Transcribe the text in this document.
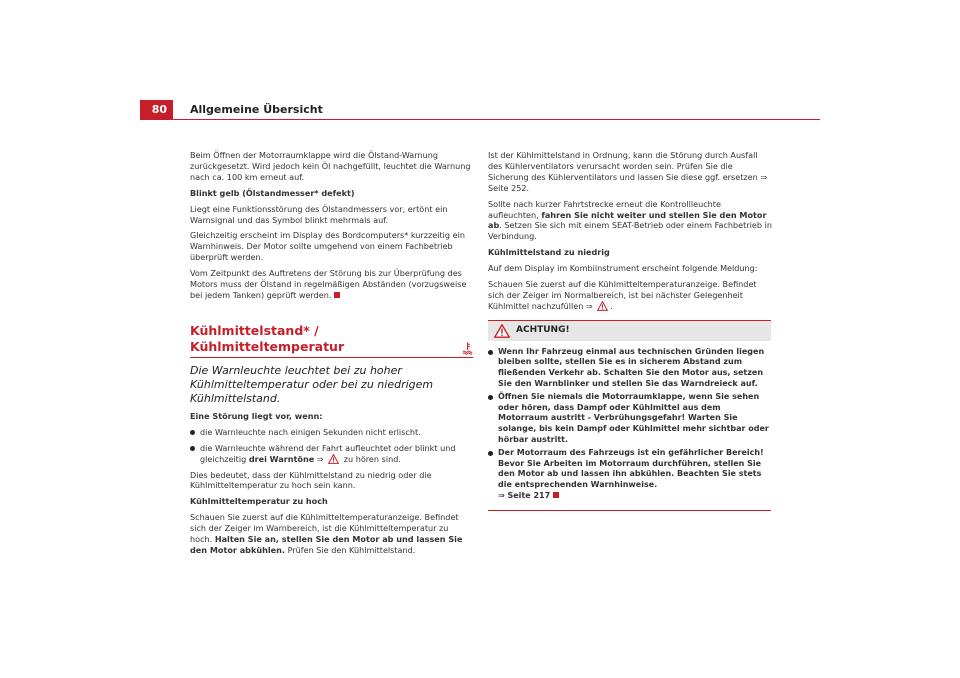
80	Allgemeine Übersicht

Beim Öffnen der Motorraumklappe wird die Ölstand-Warnung zurückgesetzt. Wird jedoch kein Öl nachgefüllt, leuchtet die Warnung nach ca. 100 km erneut auf.

Blinkt gelb (Ölstandmesser* defekt)

Liegt eine Funktionsstörung des Ölstandmessers vor, ertönt ein Warnsignal und das Symbol blinkt mehrmals auf.

Gleichzeitig erscheint im Display des Bordcomputers* kurzzeitig ein Warnhinweis. Der Motor sollte umgehend von einem Fachbetrieb überprüft werden.

Vom Zeitpunkt des Auftretens der Störung bis zur Überprüfung des Motors muss der Ölstand in regelmäßigen Abständen (vorzugsweise bei jedem Tanken) geprüft werden.

Kühlmittelstand* / Kühlmitteltemperatur

Die Warnleuchte leuchtet bei zu hoher Kühlmitteltemperatur oder bei zu niedrigem Kühlmittelstand.

Eine Störung liegt vor, wenn:

die Warnleuchte nach einigen Sekunden nicht erlischt.

die Warnleuchte während der Fahrt aufleuchtet oder blinkt und gleichzeitig drei Warntöne ⇒ zu hören sind.

Dies bedeutet, dass der Kühlmittelstand zu niedrig oder die Kühlmitteltemperatur zu hoch sein kann.

Kühlmitteltemperatur zu hoch

Schauen Sie zuerst auf die Kühlmitteltemperaturanzeige. Befindet sich der Zeiger im Warnbereich, ist die Kühlmitteltemperatur zu hoch. Halten Sie an, stellen Sie den Motor ab und lassen Sie den Motor abkühlen. Prüfen Sie den Kühlmittelstand.

Ist der Kühlmittelstand in Ordnung, kann die Störung durch Ausfall des Kühlerventilators verursacht worden sein. Prüfen Sie die Sicherung des Kühlerventilators und lassen Sie diese ggf. ersetzen ⇒ Seite 252.

Sollte nach kurzer Fahrtstrecke erneut die Kontrollleuchte aufleuchten, fahren Sie nicht weiter und stellen Sie den Motor ab. Setzen Sie sich mit einem SEAT-Betrieb oder einem Fachbetrieb in Verbindung.

Kühlmittelstand zu niedrig

Auf dem Display im Kombiinstrument erscheint folgende Meldung:

Schauen Sie zuerst auf die Kühlmitteltemperaturanzeige. Befindet sich der Zeiger im Normalbereich, ist bei nächster Gelegenheit Kühlmittel nachzufüllen ⇒ .

ACHTUNG!

Wenn Ihr Fahrzeug einmal aus technischen Gründen liegen bleiben sollte, stellen Sie es in sicherem Abstand zum fließenden Verkehr ab. Schalten Sie den Motor aus, setzen Sie den Warnblinker und stellen Sie das Warndreieck auf.

Öffnen Sie niemals die Motorraumklappe, wenn Sie sehen oder hören, dass Dampf oder Kühlmittel aus dem Motorraum austritt - Verbrühungsgefahr! Warten Sie solange, bis kein Dampf oder Kühlmittel mehr sichtbar oder hörbar austritt.

Der Motorraum des Fahrzeugs ist ein gefährlicher Bereich! Bevor Sie Arbeiten im Motorraum durchführen, stellen Sie den Motor ab und lassen ihn abkühlen. Beachten Sie stets die entsprechenden Warnhinweise.
⇒ Seite 217
